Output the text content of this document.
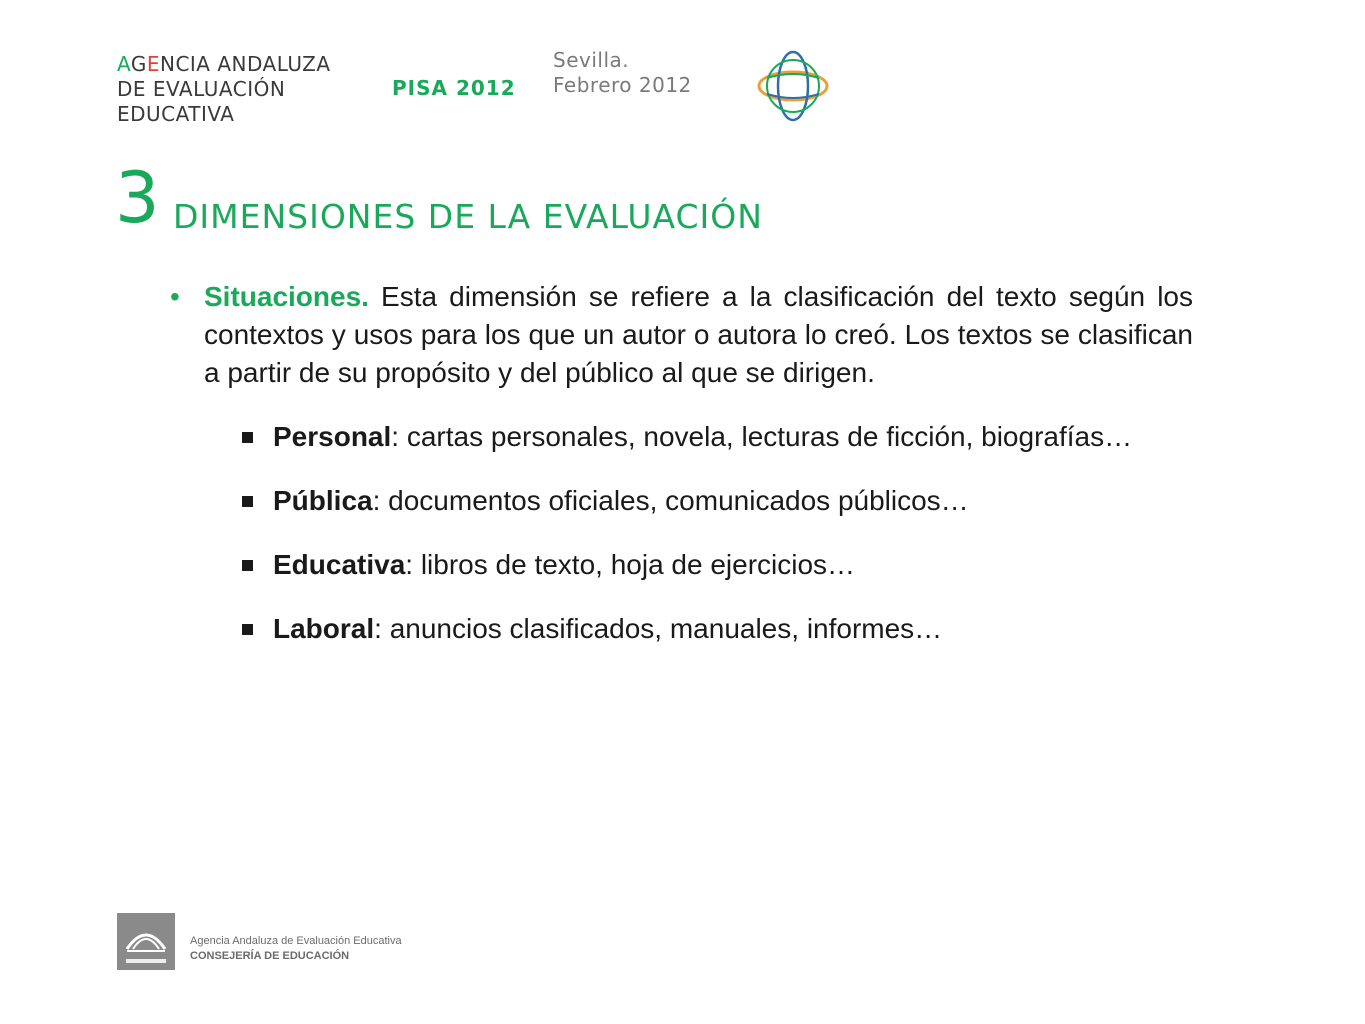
AGENCIA ANDALUZA
DE EVALUACIÓN
EDUCATIVA
PISA 2012
Sevilla.
Febrero 2012
3 DIMENSIONES DE LA EVALUACIÓN
• Situaciones. Esta dimensión se refiere a la clasificación del texto según los contextos y usos para los que un autor o autora lo creó. Los textos se clasifican a partir de su propósito y del público al que se dirigen.
Personal: cartas personales, novela, lecturas de ficción, biografías…
Pública: documentos oficiales, comunicados públicos…
Educativa: libros de texto, hoja de ejercicios…
Laboral: anuncios clasificados, manuales, informes…
Agencia Andaluza de Evaluación Educativa
CONSEJERÍA DE EDUCACIÓN
